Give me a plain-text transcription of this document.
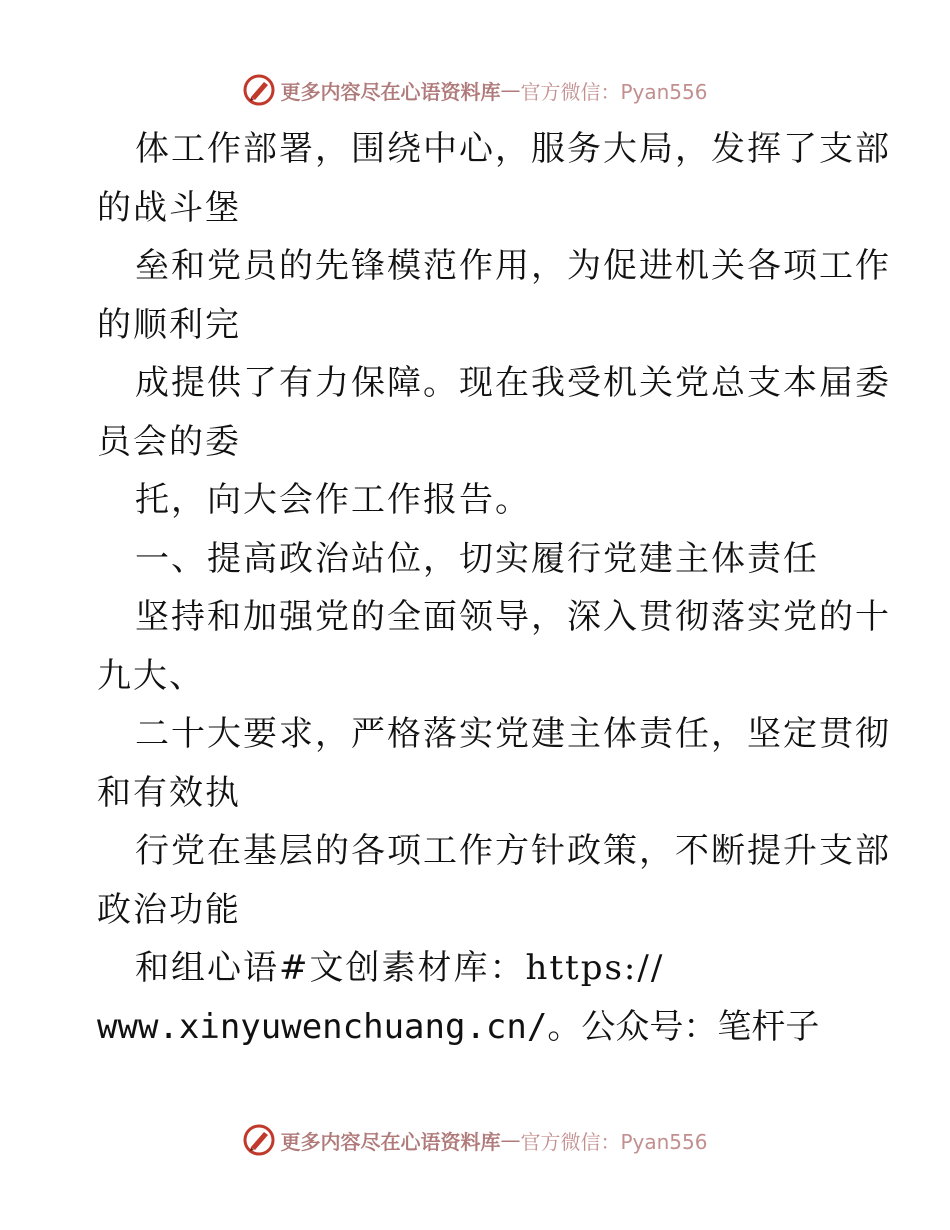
更多内容尽在心语资料库 — 官方微信：Pyan556
体工作部署，围绕中心，服务大局，发挥了支部
的战斗堡
垒和党员的先锋模范作用，为促进机关各项工作
的顺利完
成提供了有力保障。现在我受机关党总支本届委
员会的委
托，向大会作工作报告。
一、提高政治站位，切实履行党建主体责任
坚持和加强党的全面领导，深入贯彻落实党的十
九大、
二十大要求，严格落实党建主体责任，坚定贯彻
和有效执
行党在基层的各项工作方针政策，不断提升支部
政治功能
和组心语#文创素材库：https://
www.xinyuwenchuang.cn/。公众号：笔杆子
更多内容尽在心语资料库 — 官方微信：Pyan556
